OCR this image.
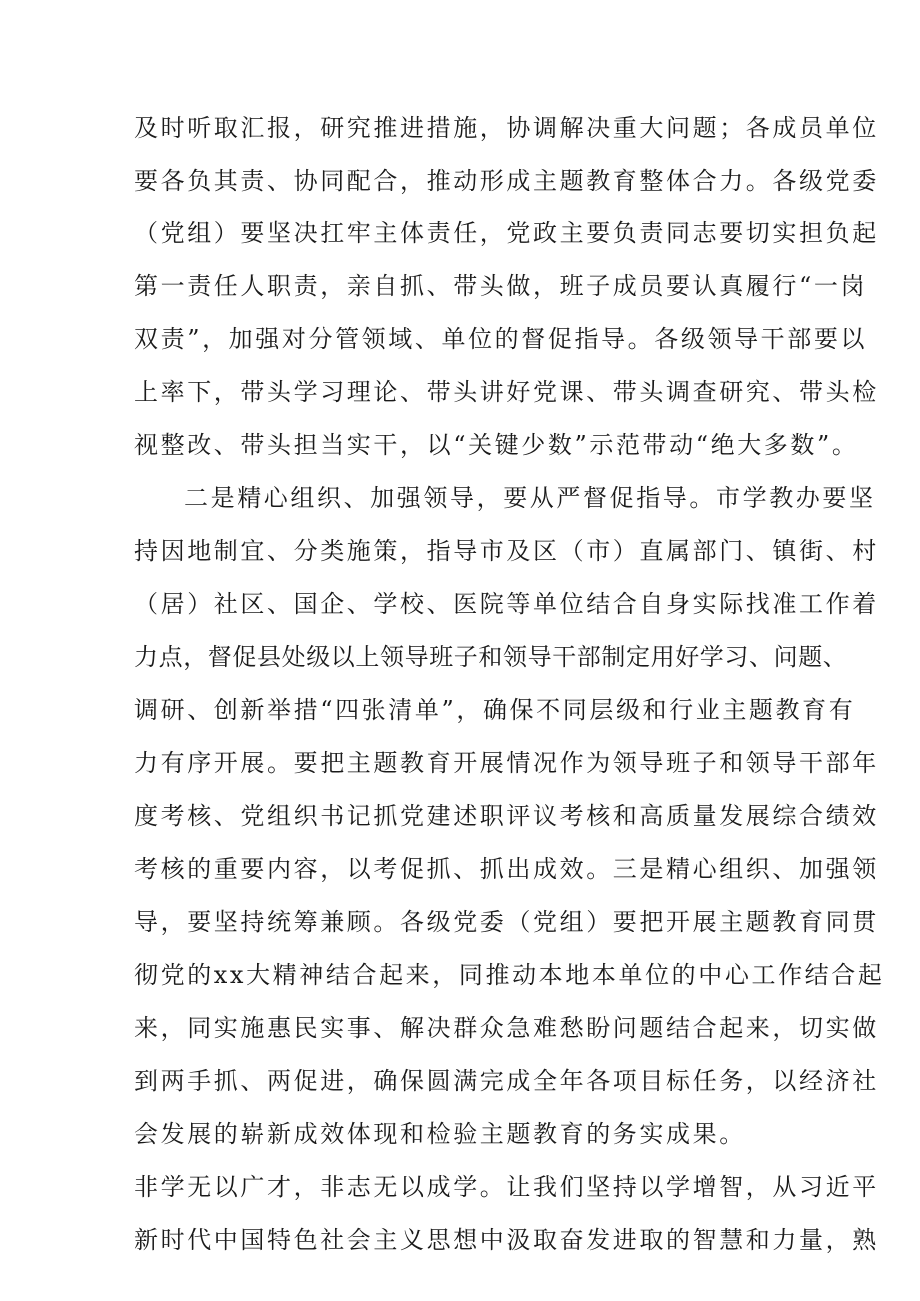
及时听取汇报，研究推进措施，协调解决重大问题；各成员单位
要各负其责、协同配合，推动形成主题教育整体合力。各级党委
（党组）要坚决扛牢主体责任，党政主要负责同志要切实担负起
第一责任人职责，亲自抓、带头做，班子成员要认真履行“一岗
双责”，加强对分管领域、单位的督促指导。各级领导干部要以
上率下，带头学习理论、带头讲好党课、带头调查研究、带头检
视整改、带头担当实干，以“关键少数”示范带动“绝大多数”。
二是精心组织、加强领导，要从严督促指导。市学教办要坚
持因地制宜、分类施策，指导市及区（市）直属部门、镇街、村
（居）社区、国企、学校、医院等单位结合自身实际找准工作着
力点，督促县处级以上领导班子和领导干部制定用好学习、问题、
调研、创新举措“四张清单”，确保不同层级和行业主题教育有
力有序开展。要把主题教育开展情况作为领导班子和领导干部年
度考核、党组织书记抓党建述职评议考核和高质量发展综合绩效
考核的重要内容，以考促抓、抓出成效。三是精心组织、加强领
导，要坚持统筹兼顾。各级党委（党组）要把开展主题教育同贯
彻党的xx大精神结合起来，同推动本地本单位的中心工作结合起
来，同实施惠民实事、解决群众急难愁盼问题结合起来，切实做
到两手抓、两促进，确保圆满完成全年各项目标任务，以经济社
会发展的崭新成效体现和检验主题教育的务实成果。
非学无以广才，非志无以成学。让我们坚持以学增智，从习近平
新时代中国特色社会主义思想中汲取奋发进取的智慧和力量，熟
